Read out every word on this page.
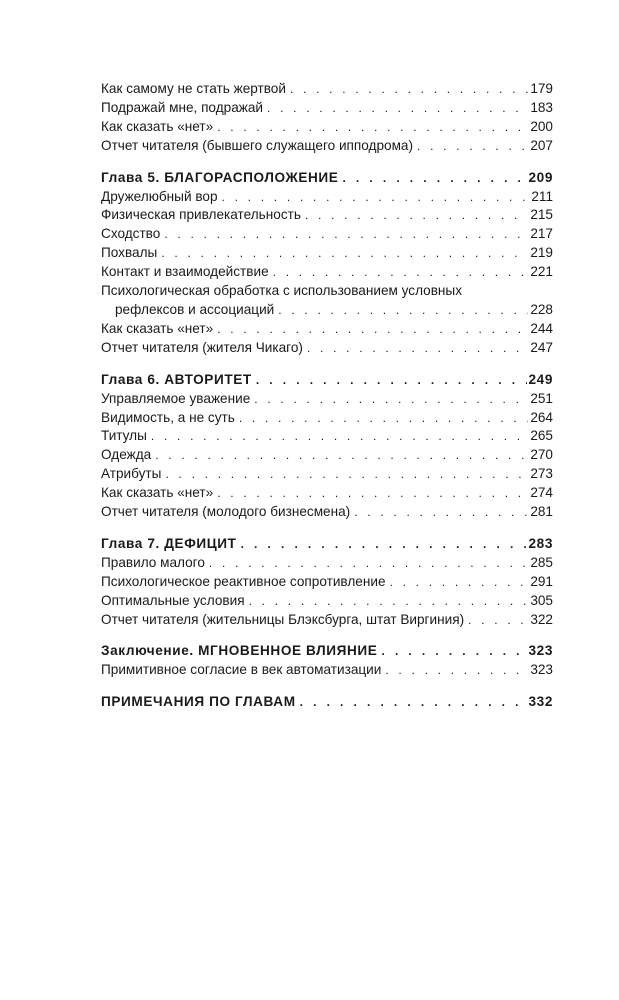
Как самому не стать жертвой . . .	179
Подражай мне, подражай . . .	183
Как сказать «нет» . . .	200
Отчет читателя (бывшего служащего ипподрома) . . .	207
Глава 5. БЛАГОРАСПОЛОЖЕНИЕ . . .	209
Дружелюбный вор . . .	211
Физическая привлекательность . . .	215
Сходство . . .	217
Похвалы . . .	219
Контакт и взаимодействие . . .	221
Психологическая обработка с использованием условных
рефлексов и ассоциаций . . .	228
Как сказать «нет» . . .	244
Отчет читателя (жителя Чикаго) . . .	247
Глава 6. АВТОРИТЕТ . . .	249
Управляемое уважение . . .	251
Видимость, а не суть . . .	264
Титулы . . .	265
Одежда . . .	270
Атрибуты . . .	273
Как сказать «нет» . . .	274
Отчет читателя (молодого бизнесмена) . . .	281
Глава 7. ДЕФИЦИТ . . .	283
Правило малого . . .	285
Психологическое реактивное сопротивление . . .	291
Оптимальные условия . . .	305
Отчет читателя (жительницы Блэксбурга, штат Виргиния) . . .	322
Заключение. МГНОВЕННОЕ ВЛИЯНИЕ . . .	323
Примитивное согласие в век автоматизации . . .	323
ПРИМЕЧАНИЯ ПО ГЛАВАМ . . .	332
